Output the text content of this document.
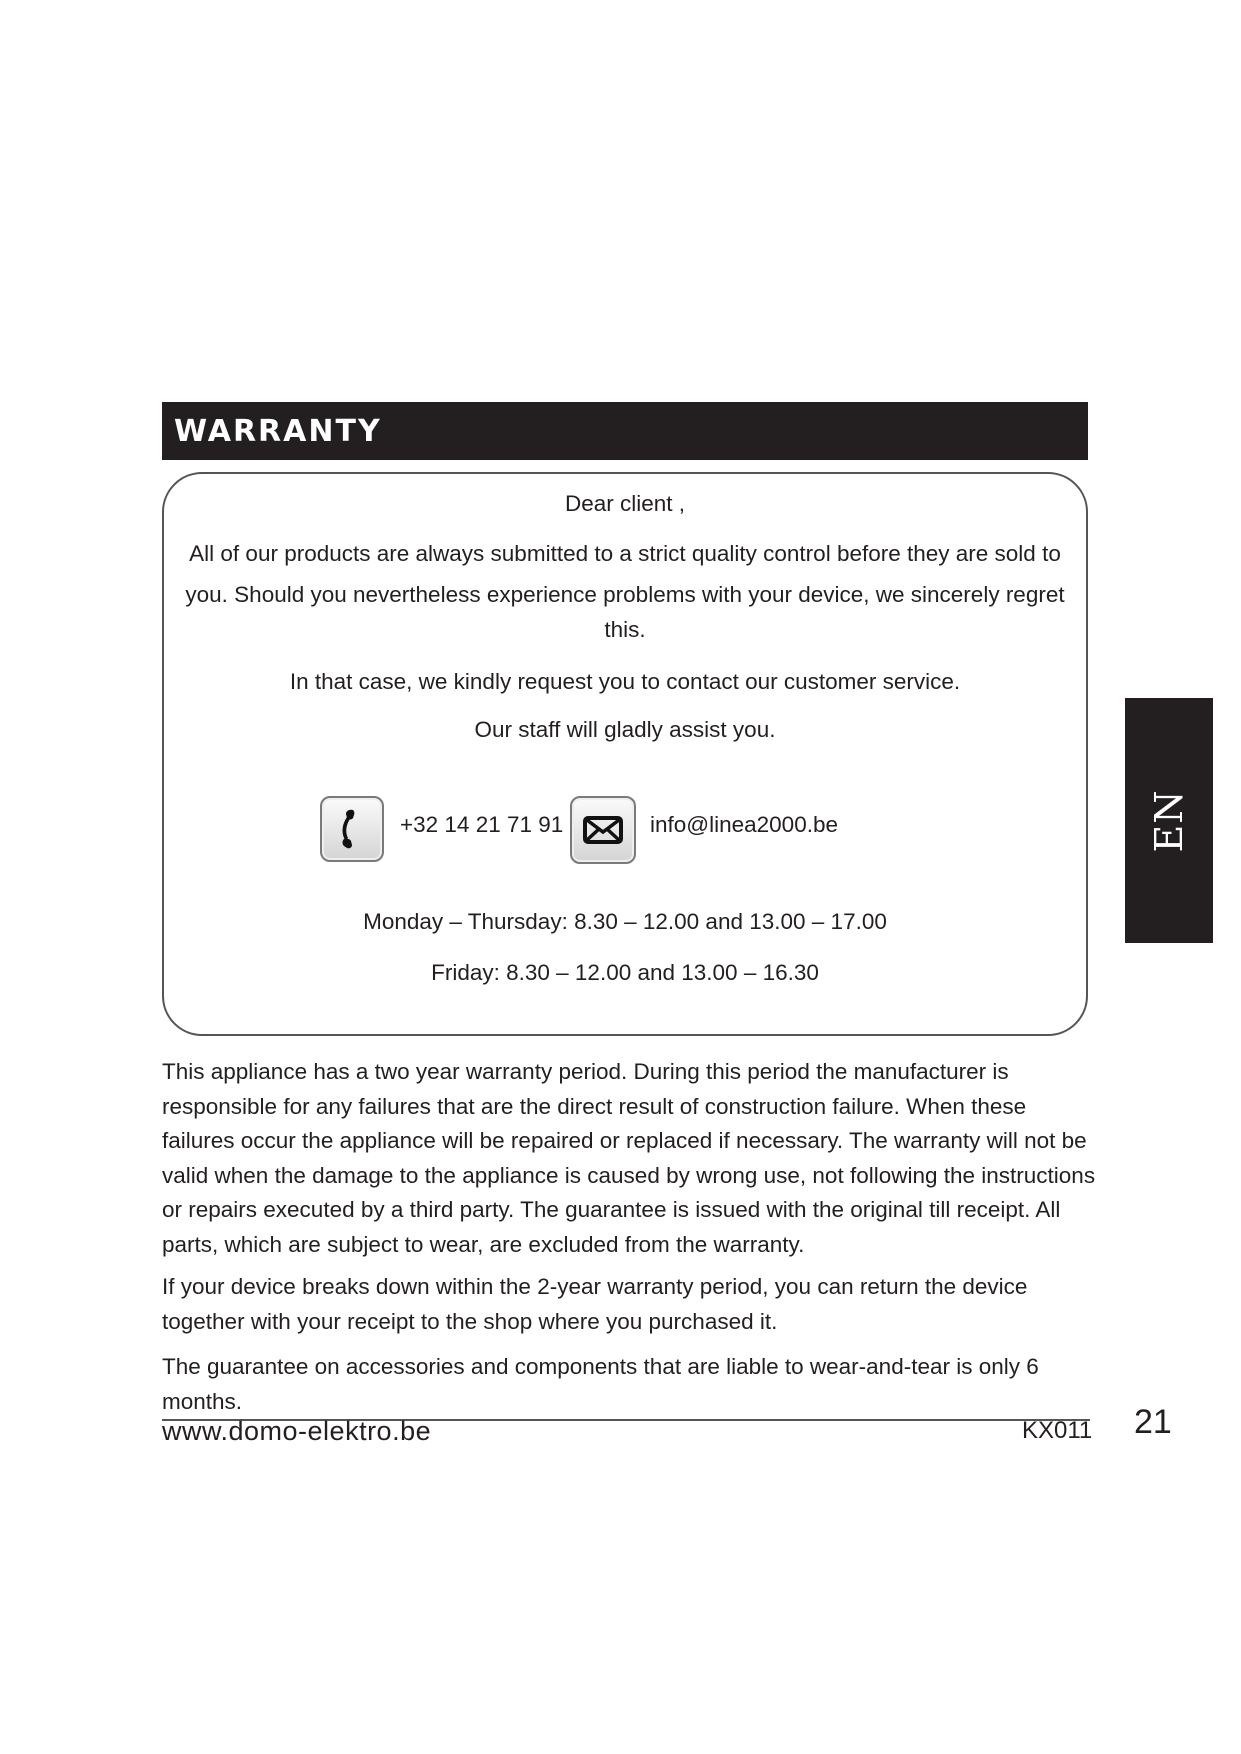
WARRANTY
Dear client ,
All of our products are always submitted to a strict quality control before they are sold to
you. Should you nevertheless experience problems with your device, we sincerely regret
this.
In that case, we kindly request you to contact our customer service.
Our staff will gladly assist you.
+32 14 21 71 91	info@linea2000.be
Monday – Thursday: 8.30 – 12.00 and 13.00 – 17.00
Friday: 8.30 – 12.00 and 13.00 – 16.30
EN

This appliance has a two year warranty period. During this period the manufacturer is responsible for any failures that are the direct result of construction failure. When these failures occur the appliance will be repaired or replaced if necessary. The warranty will not be valid when the damage to the appliance is caused by wrong use, not following the instructions or repairs executed by a third party. The guarantee is issued with the original till receipt. All parts, which are subject to wear, are excluded from the warranty.

If your device breaks down within the 2-year warranty period, you can return the device together with your receipt to the shop where you purchased it.

The guarantee on accessories and components that are liable to wear-and-tear is only 6 months.

www.domo-elektro.be	KX011 21
